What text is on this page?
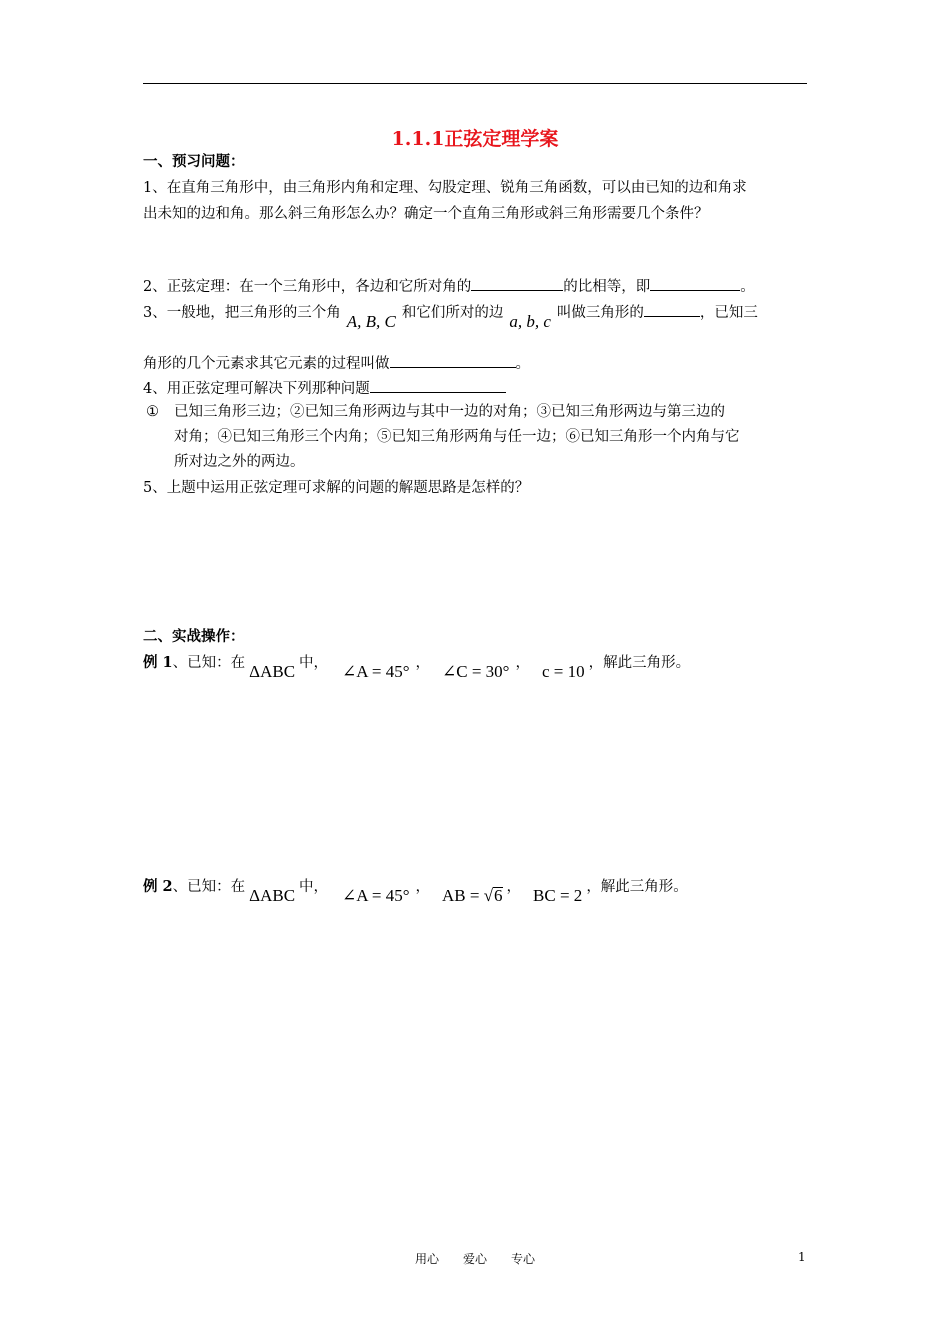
1.1.1正弦定理学案
一、预习问题：
1、在直角三角形中，由三角形内角和定理、勾股定理、锐角三角函数，可以由已知的边和角求
出未知的边和角。那么斜三角形怎么办？确定一个直角三角形或斜三角形需要几个条件？
2、正弦定理：在一个三角形中，各边和它所对角的	的比相等，即	。
3、一般地，把三角形的三个角 A, B, C 和它们所对的边 a, b, c 叫做三角形的	，已知三
角形的几个元素求其它元素的过程叫做	。
4、用正弦定理可解决下列那种问题
① 已知三角形三边；②已知三角形两边与其中一边的对角；③已知三角形两边与第三边的
对角；④已知三角形三个内角；⑤已知三角形两角与任一边；⑥已知三角形一个内角与它
所对边之外的两边。
5、上题中运用正弦定理可求解的问题的解题思路是怎样的？
二、实战操作：
例 1、已知：在 ΔABC 中， ∠A = 45° ， ∠C = 30° ， c = 10 ，解此三角形。
例 2、已知：在 ΔABC 中， ∠A = 45° ， AB = √6 ， BC = 2 ，解此三角形。
用心　　爱心　　专心	1
